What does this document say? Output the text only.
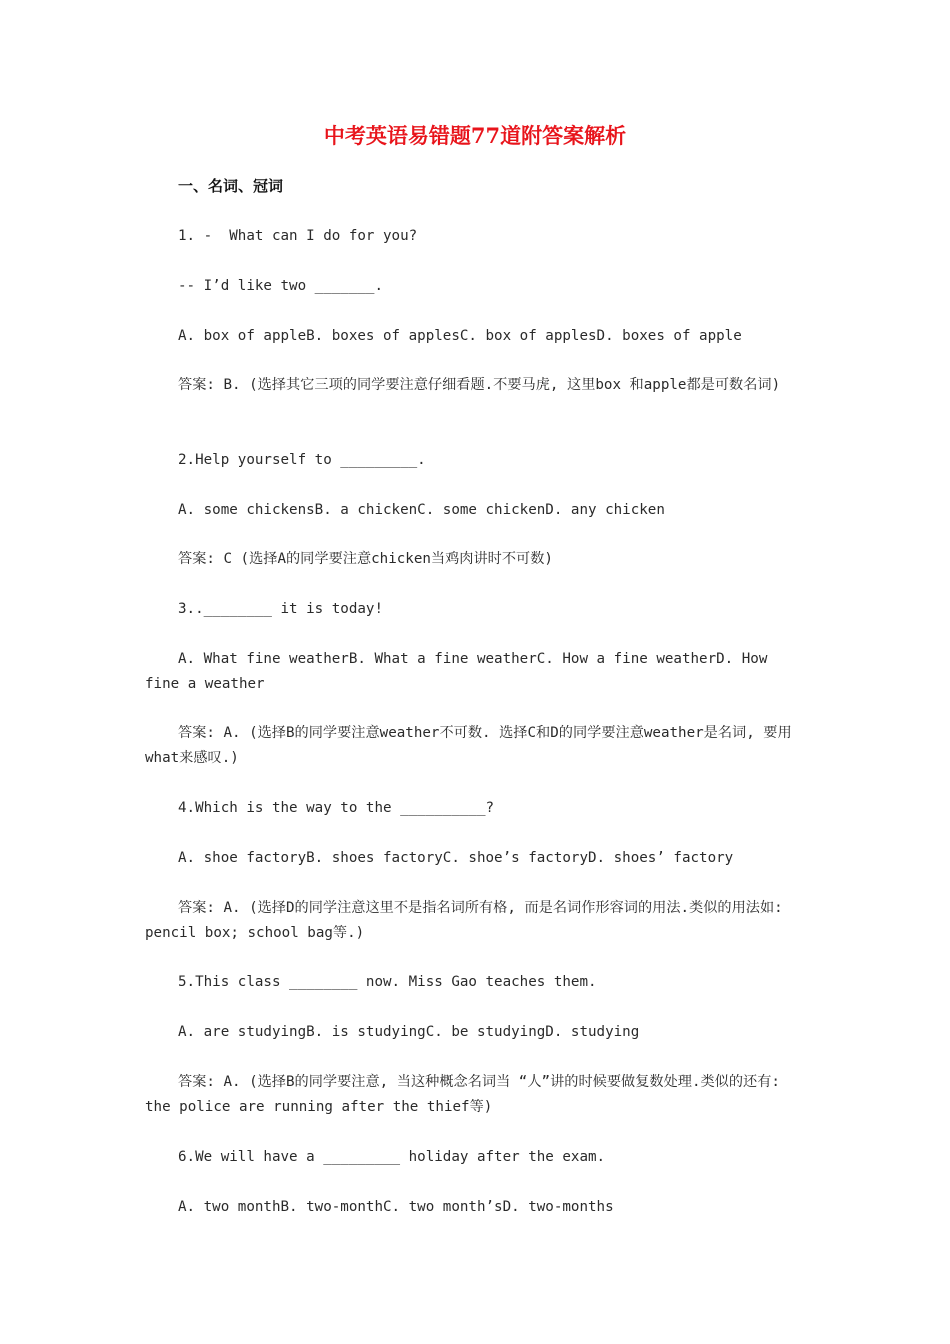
中考英语易错题77道附答案解析
一、名词、冠词

1. -  What can I do for you?

-- I’d like two _______.

A. box of appleB. boxes of applesC. box of applesD. boxes of apple

答案: B. (选择其它三项的同学要注意仔细看题.不要马虎, 这里box 和apple都是可数名词)

2.Help yourself to _________.

A. some chickensB. a chickenC. some chickenD. any chicken

答案: C (选择A的同学要注意chicken当鸡肉讲时不可数)

3..________ it is today!

A. What fine weatherB. What a fine weatherC. How a fine weatherD. How fine a weather

答案: A. (选择B的同学要注意weather不可数. 选择C和D的同学要注意weather是名词, 要用what来感叹.)

4.Which is the way to the __________?

A. shoe factoryB. shoes factoryC. shoe’s factoryD. shoes’ factory

答案: A. (选择D的同学注意这里不是指名词所有格, 而是名词作形容词的用法.类似的用法如: pencil box; school bag等.)

5.This class ________ now. Miss Gao teaches them.

A. are studyingB. is studyingC. be studyingD. studying

答案: A. (选择B的同学要注意, 当这种概念名词当 “人”讲的时候要做复数处理.类似的还有: the police are running after the thief等)

6.We will have a _________ holiday after the exam.

A. two monthB. two-monthC. two month’sD. two-months
